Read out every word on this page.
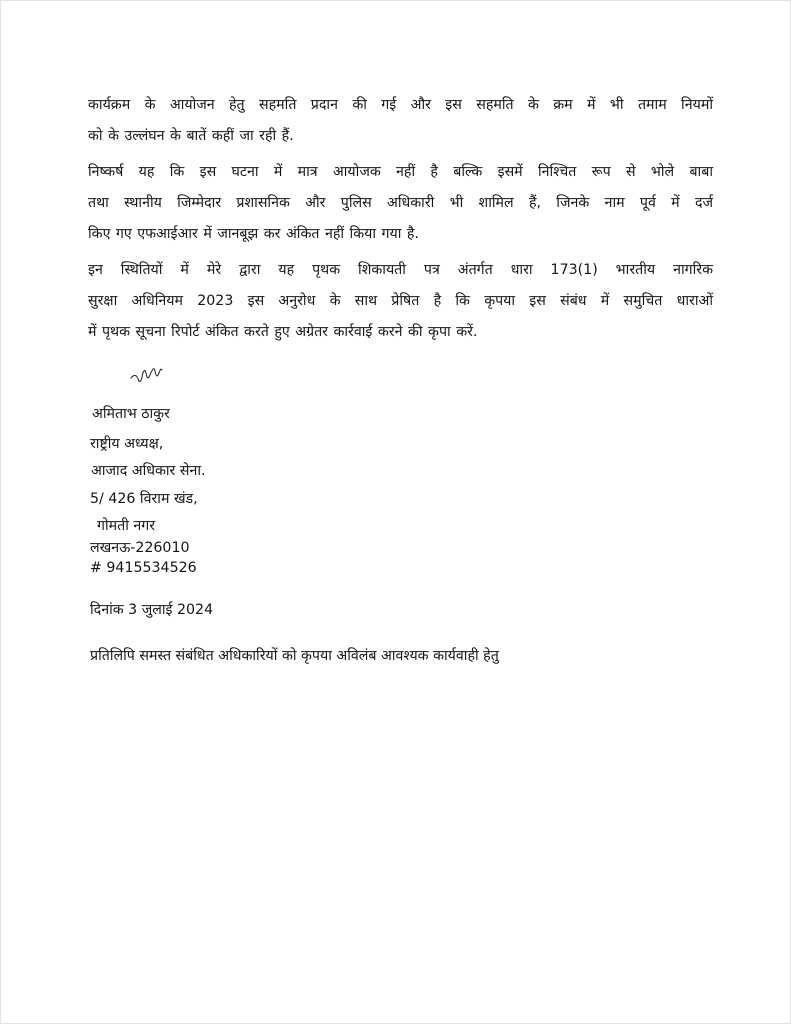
कार्यक्रम के आयोजन हेतु सहमति प्रदान की गई और इस सहमति के क्रम में भी तमाम नियमों
को के उल्लंघन के बातें कहीं जा रही हैं.

निष्कर्ष यह कि इस घटना में मात्र आयोजक नहीं है बल्कि इसमें निश्चित रूप से भोले बाबा
तथा स्थानीय जिम्मेदार प्रशासनिक और पुलिस अधिकारी भी शामिल हैं, जिनके नाम पूर्व में दर्ज
किए गए एफआईआर में जानबूझ कर अंकित नहीं किया गया है.

इन स्थितियों में मेरे द्वारा यह पृथक शिकायती पत्र अंतर्गत धारा 173(1) भारतीय नागरिक
सुरक्षा अधिनियम 2023 इस अनुरोध के साथ प्रेषित है कि कृपया इस संबंध में समुचित धाराओं
में पृथक सूचना रिपोर्ट अंकित करते हुए अग्रेतर कार्रवाई करने की कृपा करें.

अमिताभ ठाकुर
राष्ट्रीय अध्यक्ष,
आजाद अधिकार सेना.
5/ 426 विराम खंड,
गोमती नगर
लखनऊ-226010
# 9415534526
दिनांक 3 जुलाई 2024
प्रतिलिपि समस्त संबंधित अधिकारियों को कृपया अविलंब आवश्यक कार्यवाही हेतु
